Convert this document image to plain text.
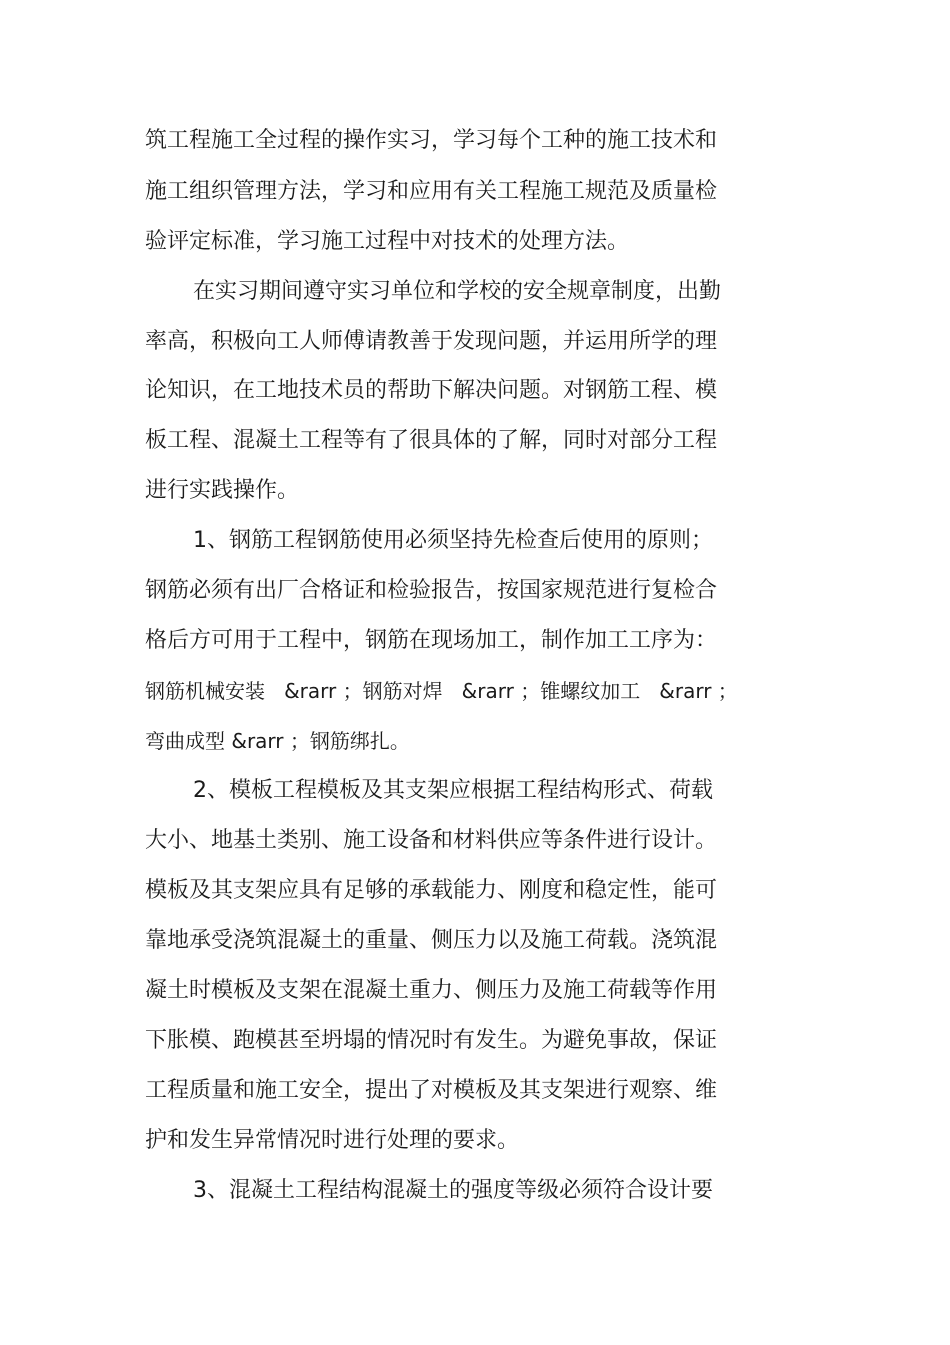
筑工程施工全过程的操作实习，学习每个工种的施工技术和
施工组织管理方法，学习和应用有关工程施工规范及质量检
验评定标准，学习施工过程中对技术的处理方法。
在实习期间遵守实习单位和学校的安全规章制度，出勤
率高，积极向工人师傅请教善于发现问题，并运用所学的理
论知识，在工地技术员的帮助下解决问题。对钢筋工程、模
板工程、混凝土工程等有了很具体的了解，同时对部分工程
进行实践操作。
1、钢筋工程钢筋使用必须坚持先检查后使用的原则；
钢筋必须有出厂合格证和检验报告，按国家规范进行复检合
格后方可用于工程中，钢筋在现场加工，制作加工工序为：
钢筋机械安装   &rarr ；钢筋对焊   &rarr ；锥螺纹加工   &rarr ；
弯曲成型 &rarr ；钢筋绑扎。
2、模板工程模板及其支架应根据工程结构形式、荷载
大小、地基土类别、施工设备和材料供应等条件进行设计。
模板及其支架应具有足够的承载能力、刚度和稳定性，能可
靠地承受浇筑混凝土的重量、侧压力以及施工荷载。浇筑混
凝土时模板及支架在混凝土重力、侧压力及施工荷载等作用
下胀模、跑模甚至坍塌的情况时有发生。为避免事故，保证
工程质量和施工安全，提出了对模板及其支架进行观察、维
护和发生异常情况时进行处理的要求。
3、混凝土工程结构混凝土的强度等级必须符合设计要
